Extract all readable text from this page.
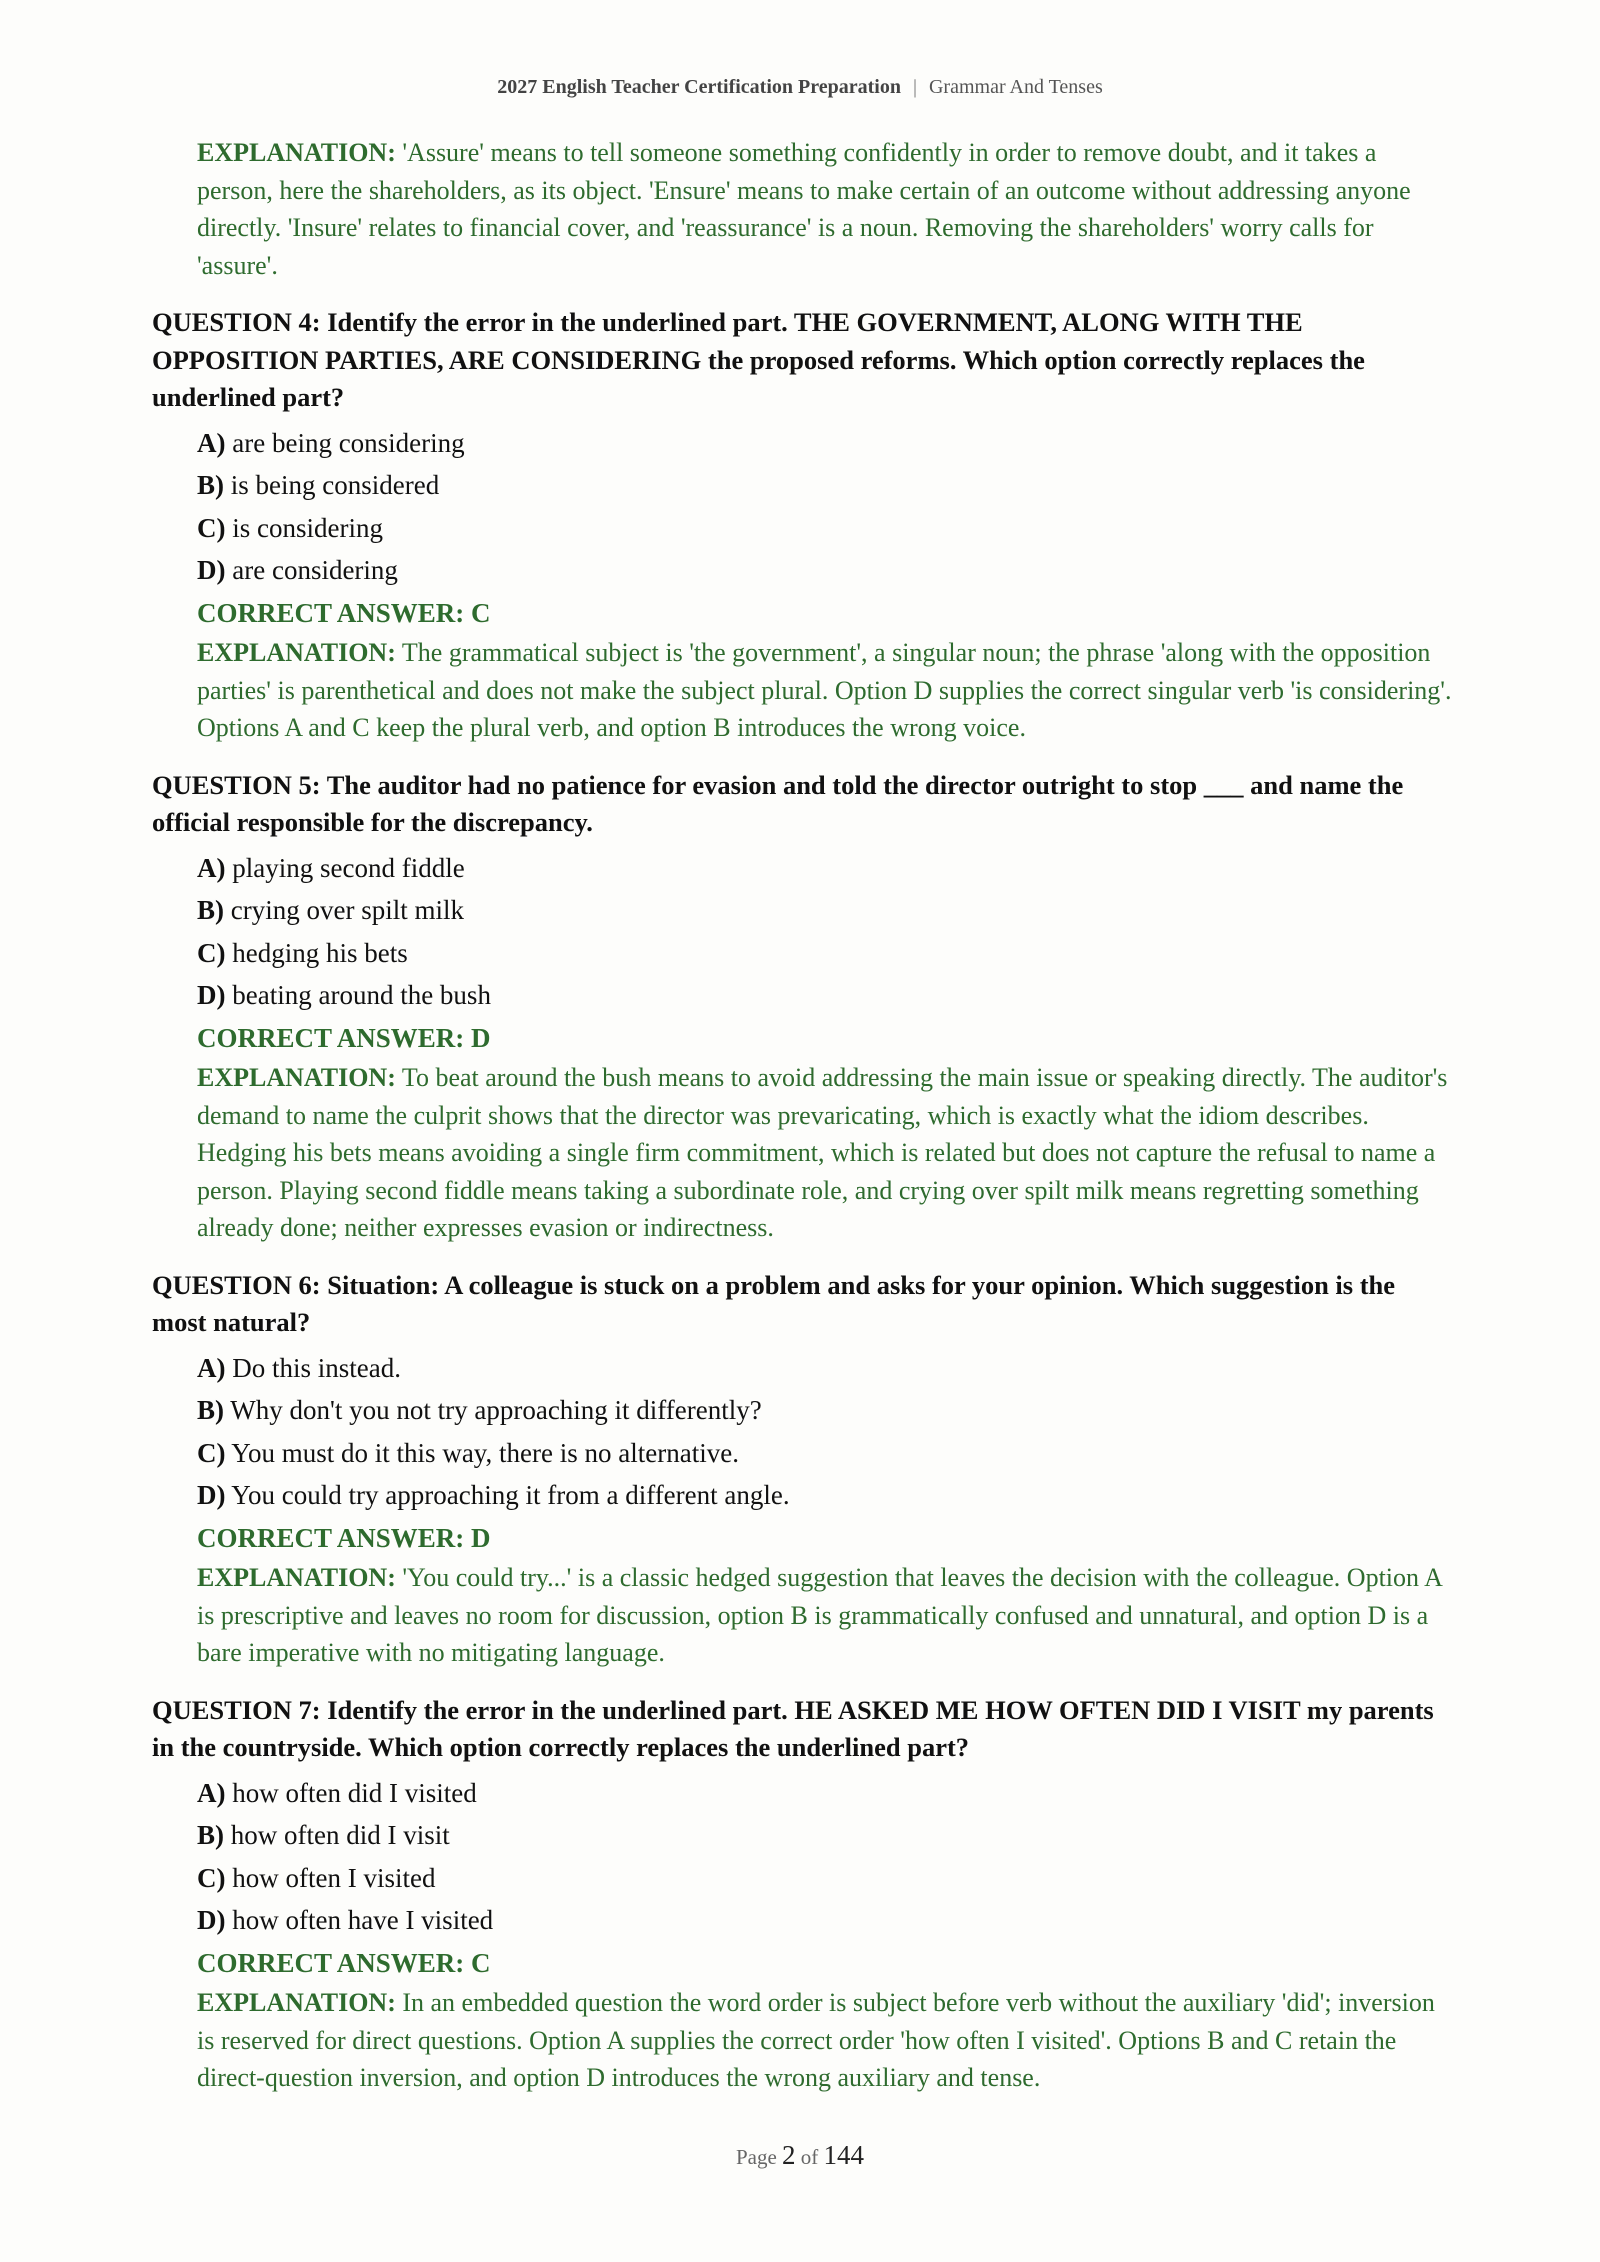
2027 English Teacher Certification Preparation | Grammar And Tenses
EXPLANATION: 'Assure' means to tell someone something confidently in order to remove doubt, and it takes a person, here the shareholders, as its object. 'Ensure' means to make certain of an outcome without addressing anyone directly. 'Insure' relates to financial cover, and 'reassurance' is a noun. Removing the shareholders' worry calls for 'assure'.
QUESTION 4: Identify the error in the underlined part. THE GOVERNMENT, ALONG WITH THE OPPOSITION PARTIES, ARE CONSIDERING the proposed reforms. Which option correctly replaces the underlined part?
A) are being considering
B) is being considered
C) is considering
D) are considering
CORRECT ANSWER: C
EXPLANATION: The grammatical subject is 'the government', a singular noun; the phrase 'along with the opposition parties' is parenthetical and does not make the subject plural. Option D supplies the correct singular verb 'is considering'. Options A and C keep the plural verb, and option B introduces the wrong voice.
QUESTION 5: The auditor had no patience for evasion and told the director outright to stop ___ and name the official responsible for the discrepancy.
A) playing second fiddle
B) crying over spilt milk
C) hedging his bets
D) beating around the bush
CORRECT ANSWER: D
EXPLANATION: To beat around the bush means to avoid addressing the main issue or speaking directly. The auditor's demand to name the culprit shows that the director was prevaricating, which is exactly what the idiom describes. Hedging his bets means avoiding a single firm commitment, which is related but does not capture the refusal to name a person. Playing second fiddle means taking a subordinate role, and crying over spilt milk means regretting something already done; neither expresses evasion or indirectness.
QUESTION 6: Situation: A colleague is stuck on a problem and asks for your opinion. Which suggestion is the most natural?
A) Do this instead.
B) Why don't you not try approaching it differently?
C) You must do it this way, there is no alternative.
D) You could try approaching it from a different angle.
CORRECT ANSWER: D
EXPLANATION: 'You could try...' is a classic hedged suggestion that leaves the decision with the colleague. Option A is prescriptive and leaves no room for discussion, option B is grammatically confused and unnatural, and option D is a bare imperative with no mitigating language.
QUESTION 7: Identify the error in the underlined part. HE ASKED ME HOW OFTEN DID I VISIT my parents in the countryside. Which option correctly replaces the underlined part?
A) how often did I visited
B) how often did I visit
C) how often I visited
D) how often have I visited
CORRECT ANSWER: C
EXPLANATION: In an embedded question the word order is subject before verb without the auxiliary 'did'; inversion is reserved for direct questions. Option A supplies the correct order 'how often I visited'. Options B and C retain the direct-question inversion, and option D introduces the wrong auxiliary and tense.
Page 2 of 144
